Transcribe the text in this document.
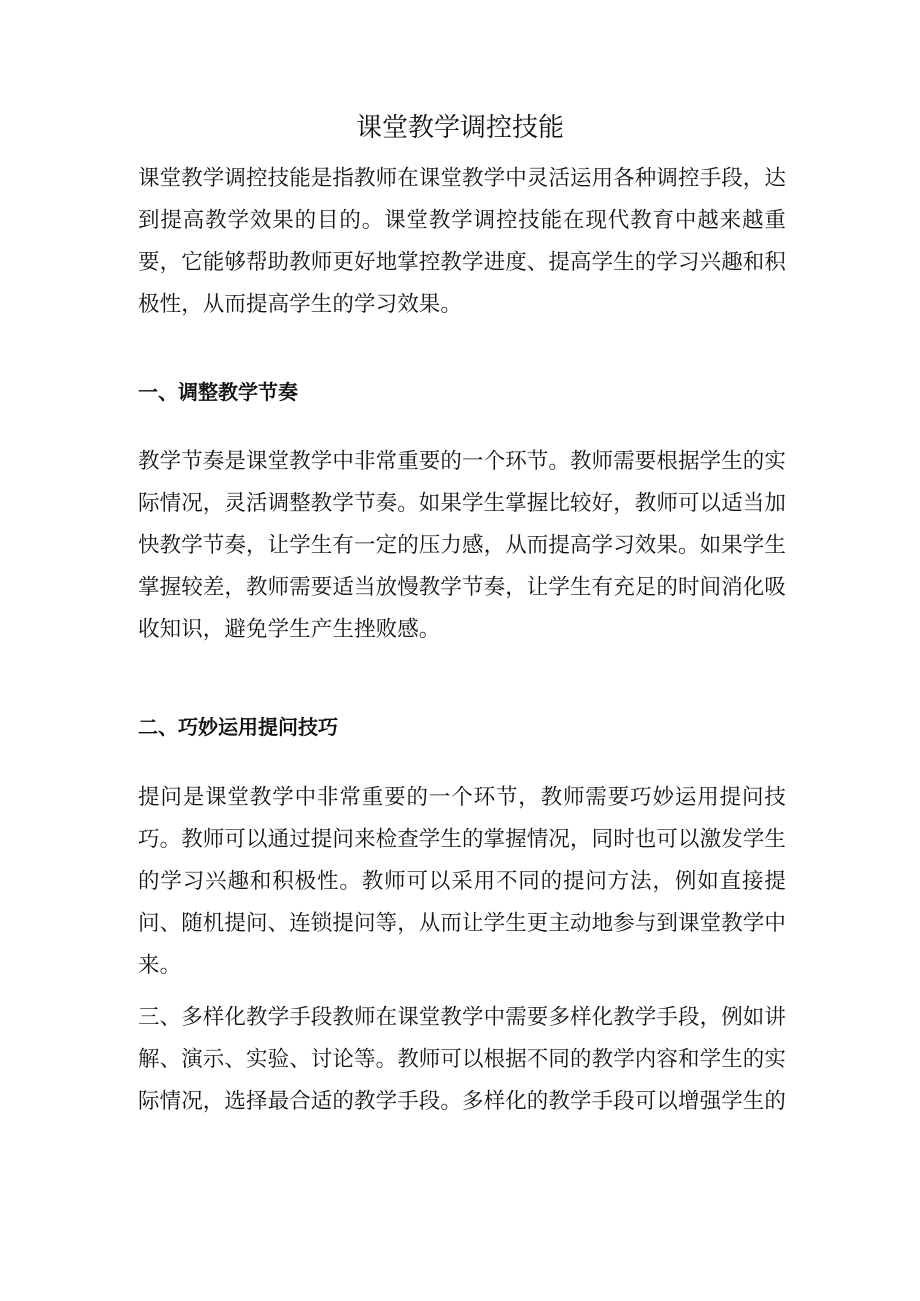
课堂教学调控技能

课堂教学调控技能是指教师在课堂教学中灵活运用各种调控手段，达到提高教学效果的目的。课堂教学调控技能在现代教育中越来越重要，它能够帮助教师更好地掌控教学进度、提高学生的学习兴趣和积极性，从而提高学生的学习效果。

一、调整教学节奏

教学节奏是课堂教学中非常重要的一个环节。教师需要根据学生的实际情况，灵活调整教学节奏。如果学生掌握比较好，教师可以适当加快教学节奏，让学生有一定的压力感，从而提高学习效果。如果学生掌握较差，教师需要适当放慢教学节奏，让学生有充足的时间消化吸收知识，避免学生产生挫败感。

二、巧妙运用提问技巧

提问是课堂教学中非常重要的一个环节，教师需要巧妙运用提问技巧。教师可以通过提问来检查学生的掌握情况，同时也可以激发学生的学习兴趣和积极性。教师可以采用不同的提问方法，例如直接提问、随机提问、连锁提问等，从而让学生更主动地参与到课堂教学中来。

三、多样化教学手段教师在课堂教学中需要多样化教学手段，例如讲解、演示、实验、讨论等。教师可以根据不同的教学内容和学生的实际情况，选择最合适的教学手段。多样化的教学手段可以增强学生的
